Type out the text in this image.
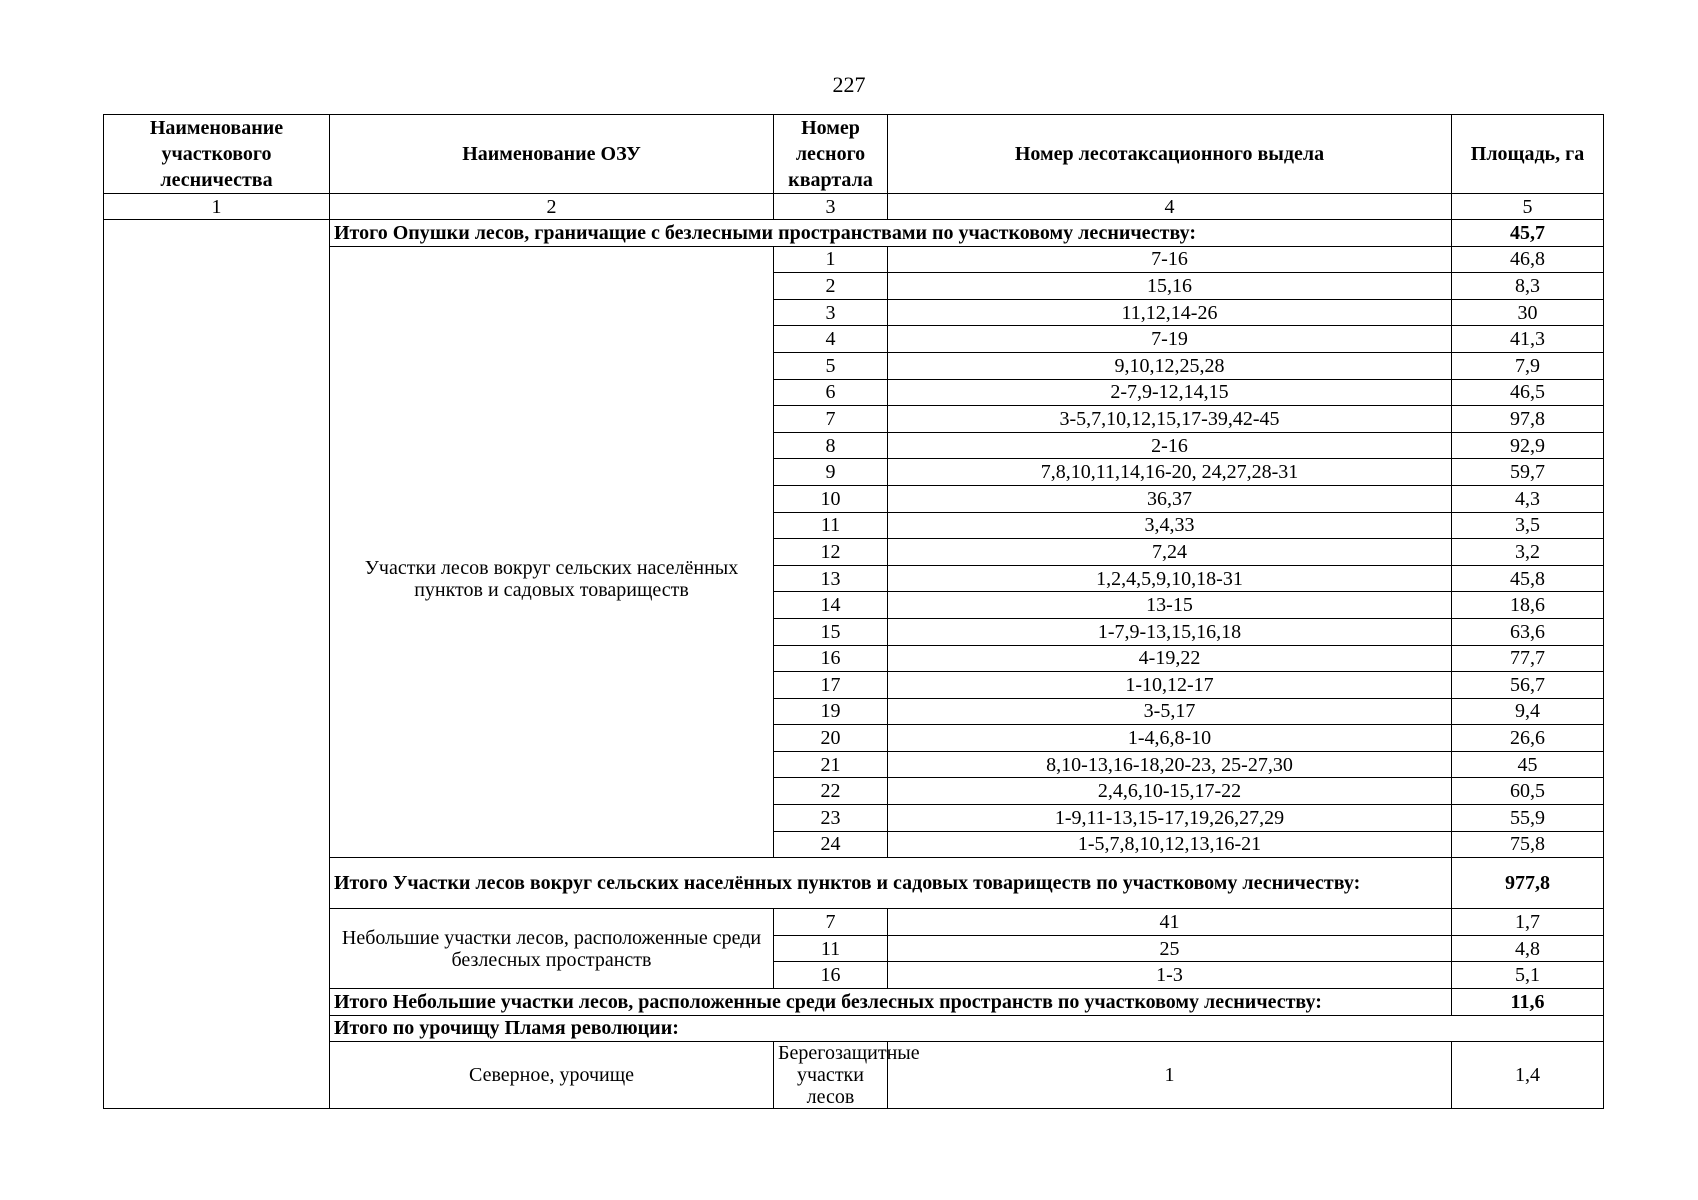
227
Наименование участкового лесничества	Наименование ОЗУ	Номер лесного квартала	Номер лесотаксационного выдела	Площадь, га	
1	2	3	4	5	
	Итого Опушки лесов, граничащие с безлесными пространствами по участковому лесничеству:			45,7	

	Участки лесов вокруг сельских населённых пунктов и садовых товариществ	1	7-16	46,8	
		2	15,16	8,3	
		3	11,12,14-26	30	
		4	7-19	41,3	
		5	9,10,12,25,28	7,9	
		6	2-7,9-12,14,15	46,5	
		7	3-5,7,10,12,15,17-39,42-45	97,8	
		8	2-16	92,9	
		9	7,8,10,11,14,16-20, 24,27,28-31	59,7	
		10	36,37	4,3	
		11	3,4,33	3,5	
		12	7,24	3,2	
		13	1,2,4,5,9,10,18-31	45,8	
		14	13-15	18,6	
		15	1-7,9-13,15,16,18	63,6	
		16	4-19,22	77,7	
		17	1-10,12-17	56,7	
		19	3-5,17	9,4	
		20	1-4,6,8-10	26,6	
		21	8,10-13,16-18,20-23, 25-27,30	45	
		22	2,4,6,10-15,17-22	60,5	
		23	1-9,11-13,15-17,19,26,27,29	55,9	
		24	1-5,7,8,10,12,13,16-21	75,8	
	Итого Участки лесов вокруг сельских населённых пунктов и садовых товариществ по участковому лесничеству:			977,8	
	Небольшие участки лесов, расположенные среди безлесных пространств	7	41	1,7	
		11	25	4,8	
		16	1-3	5,1	
	Итого Небольшие участки лесов, расположенные среди безлесных пространств по участковому лесничеству:			11,6	
	Итого по урочищу Пламя революции:	
	Северное, урочище	Берегозащитные участки лесов	1	1,4	
